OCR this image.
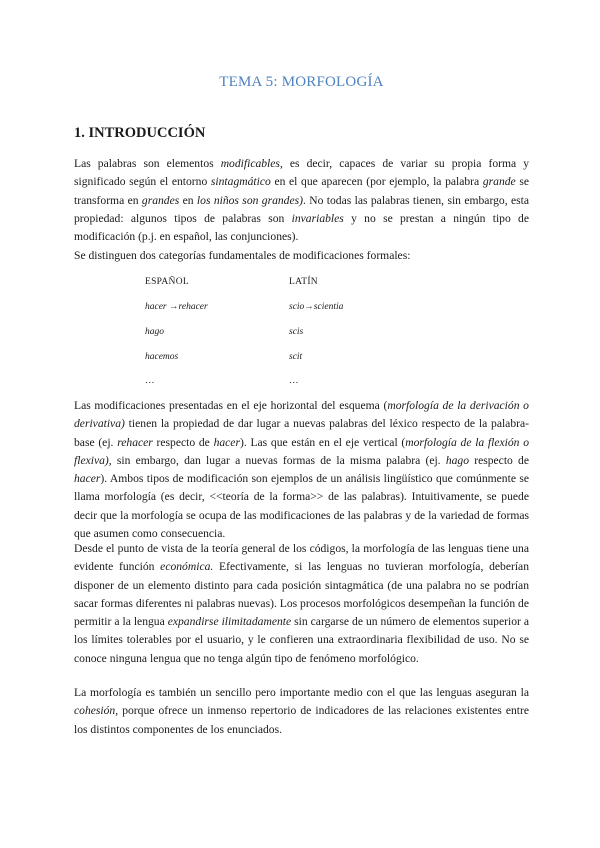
TEMA 5: MORFOLOGÍA
1. INTRODUCCIÓN

Las palabras son elementos modificables, es decir, capaces de variar su propia forma y significado según el entorno sintagmático en el que aparecen (por ejemplo, la palabra grande se transforma en grandes en los niños son grandes). No todas las palabras tienen, sin embargo, esta propiedad: algunos tipos de palabras son invariables y no se prestan a ningún tipo de modificación (p.j. en español, las conjunciones).

Se distinguen dos categorías fundamentales de modificaciones formales:

ESPAÑOL	LATÍN
hacer →rehacer	scio→scientia
hago	scis
hacemos	scit
…	…

Las modificaciones presentadas en el eje horizontal del esquema (morfología de la derivación o derivativa) tienen la propiedad de dar lugar a nuevas palabras del léxico respecto de la palabra-base (ej. rehacer respecto de hacer). Las que están en el eje vertical (morfología de la flexión o flexiva), sin embargo, dan lugar a nuevas formas de la misma palabra (ej. hago respecto de hacer). Ambos tipos de modificación son ejemplos de un análisis lingüístico que comúnmente se llama morfología (es decir, <<teoría de la forma>> de las palabras). Intuitivamente, se puede decir que la morfología se ocupa de las modificaciones de las palabras y de la variedad de formas que asumen como consecuencia.

Desde el punto de vista de la teoría general de los códigos, la morfología de las lenguas tiene una evidente función económica. Efectivamente, si las lenguas no tuvieran morfología, deberían disponer de un elemento distinto para cada posición sintagmática (de una palabra no se podrían sacar formas diferentes ni palabras nuevas). Los procesos morfológicos desempeñan la función de permitir a la lengua expandirse ilimitadamente sin cargarse de un número de elementos superior a los límites tolerables por el usuario, y le confieren una extraordinaria flexibilidad de uso. No se conoce ninguna lengua que no tenga algún tipo de fenómeno morfológico.

La morfología es también un sencillo pero importante medio con el que las lenguas aseguran la cohesión, porque ofrece un inmenso repertorio de indicadores de las relaciones existentes entre los distintos componentes de los enunciados.
